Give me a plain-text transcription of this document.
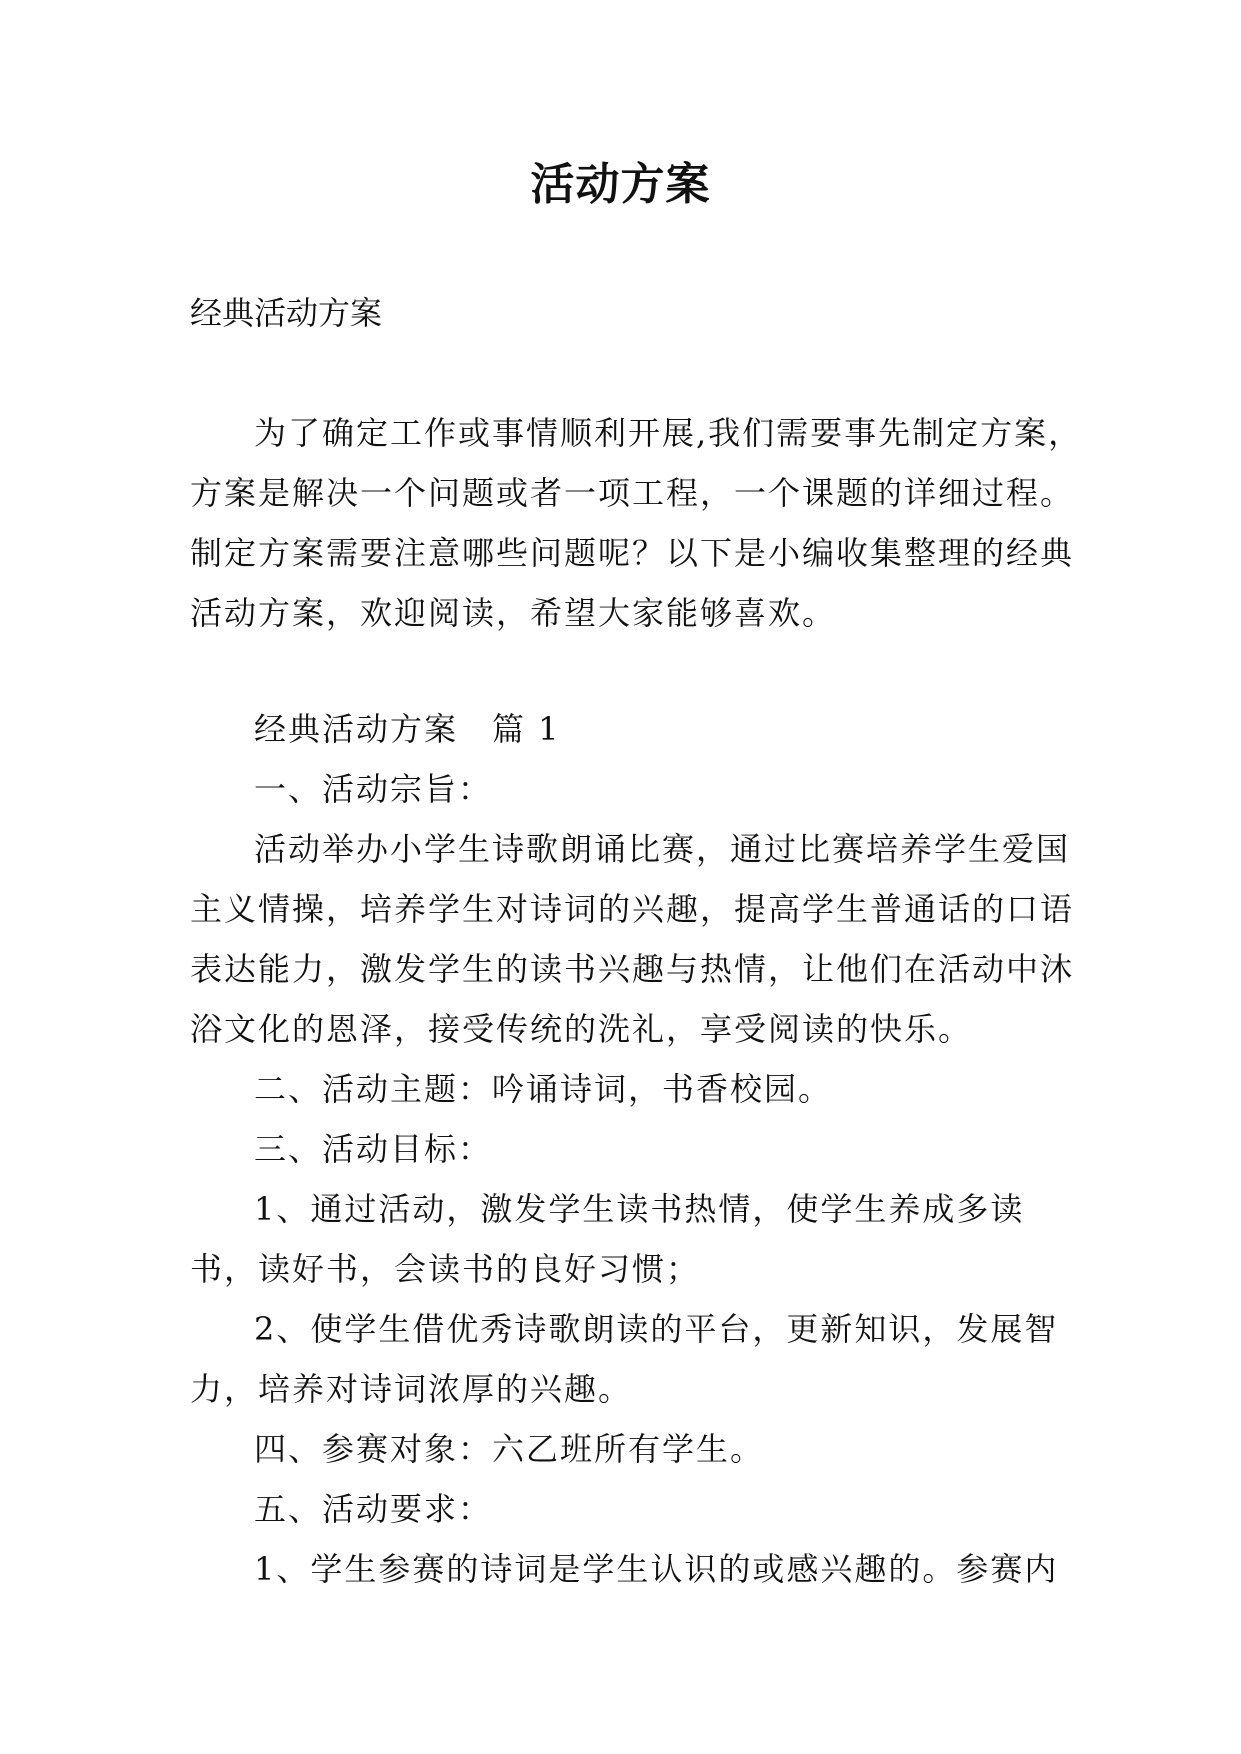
活动方案

经典活动方案

为了确定工作或事情顺利开展,我们需要事先制定方案，方案是解决一个问题或者一项工程，一个课题的详细过程。制定方案需要注意哪些问题呢？以下是小编收集整理的经典活动方案，欢迎阅读，希望大家能够喜欢。

经典活动方案　篇 1

一、活动宗旨：

活动举办小学生诗歌朗诵比赛，通过比赛培养学生爱国主义情操，培养学生对诗词的兴趣，提高学生普通话的口语表达能力，激发学生的读书兴趣与热情，让他们在活动中沐浴文化的恩泽，接受传统的洗礼，享受阅读的快乐。

二、活动主题：吟诵诗词，书香校园。

三、活动目标：

1、通过活动，激发学生读书热情，使学生养成多读书，读好书，会读书的良好习惯；

2、使学生借优秀诗歌朗读的平台，更新知识，发展智力，培养对诗词浓厚的兴趣。

四、参赛对象：六乙班所有学生。

五、活动要求：

1、学生参赛的诗词是学生认识的或感兴趣的。参赛内
